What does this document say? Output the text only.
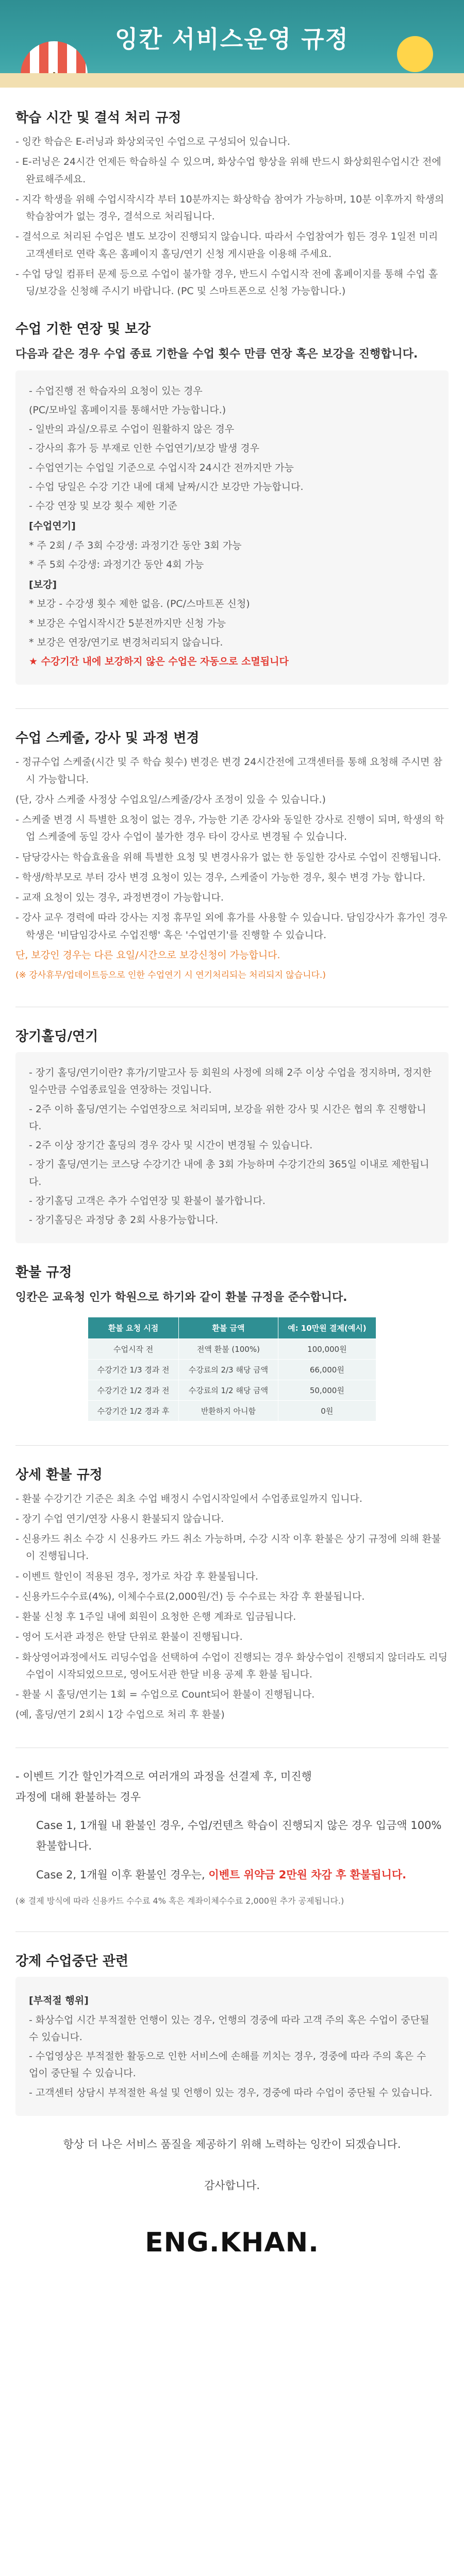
잉칸 서비스운영 규정
학습 시간 및 결석 처리 규정

- 잉칸 학습은 E-러닝과 화상외국인 수업으로 구성되어 있습니다.

- E-러닝은 24시간 언제든 학습하실 수 있으며, 화상수업 향상을 위해 반드시 화상회원수업시간 전에 완료해주세요.

- 지각 학생을 위해 수업시작시각 부터 10분까지는 화상학습 참여가 가능하며, 10분 이후까지 학생의 학습참여가 없는 경우, 결석으로 처리됩니다.

- 결석으로 처리된 수업은 별도 보강이 진행되지 않습니다. 따라서 수업참여가 힘든 경우 1일전 미리 고객센터로 연락 혹은 홈페이지 홀딩/연기 신청 게시판을 이용해 주세요.

- 수업 당일 컴퓨터 문제 등으로 수업이 불가할 경우, 반드시 수업시작 전에 홈페이지를 통해 수업 홀딩/보강을 신청해 주시기 바랍니다. (PC 및 스마트폰으로 신청 가능합니다.)

수업 기한 연장 및 보강
다음과 같은 경우 수업 종료 기한을 수업 횟수 만큼 연장 혹은 보강을 진행합니다.

- 수업진행 전 학습자의 요청이 있는 경우

(PC/모바일 홈페이지를 통해서만 가능합니다.)

- 일반의 과실/오류로 수업이 원활하지 않은 경우

- 강사의 휴가 등 부재로 인한 수업연기/보강 발생 경우

- 수업연기는 수업일 기준으로 수업시작 24시간 전까지만 가능

- 수업 당일은 수강 기간 내에 대체 날짜/시간 보강만 가능합니다.

- 수강 연장 및 보강 횟수 제한 기준

[수업연기]

* 주 2회 / 주 3회 수강생: 과정기간 동안 3회 가능

* 주 5회 수강생: 과정기간 동안 4회 가능

[보강]

* 보강 - 수강생 횟수 제한 없음. (PC/스마트폰 신청)

* 보강은 수업시작시간 5분전까지만 신청 가능

* 보강은 연장/연기로 변경처리되지 않습니다.

★ 수강기간 내에 보강하지 않은 수업은 자동으로 소멸됩니다

수업 스케줄, 강사 및 과정 변경

- 정규수업 스케줄(시간 및 주 학습 횟수) 변경은 변경 24시간전에 고객센터를 통해 요청해 주시면 참시 가능합니다.

(단, 강사 스케줄 사정상 수업요일/스케줄/강사 조정이 있을 수 있습니다.)

- 스케줄 변경 시 특별한 요청이 없는 경우, 가능한 기존 강사와 동일한 강사로 진행이 되며, 학생의 학업 스케줄에 동일 강사 수업이 불가한 경우 타이 강사로 변경될 수 있습니다.

- 담당강사는 학습효율을 위해 특별한 요청 및 변경사유가 없는 한 동일한 강사로 수업이 진행됩니다.

- 학생/학부모로 부터 강사 변경 요청이 있는 경우, 스케줄이 가능한 경우, 횟수 변경 가능 합니다.

- 교재 요청이 있는 경우, 과정변경이 가능합니다.

- 강사 교우 경력에 따라 강사는 지정 휴무일 외에 휴가를 사용할 수 있습니다. 담임강사가 휴가인 경우 학생은 '비담임강사로 수업진행' 혹은 '수업연기'를 진행할 수 있습니다.

단, 보강인 경우는 다른 요일/시간으로 보강신청이 가능합니다.

(※ 강사휴무/업데이트등으로 인한 수업연기 시 연기처리되는 처리되지 않습니다.)

장기홀딩/연기

- 장기 홀딩/연기이란? 휴가/기말고사 등 회원의 사정에 의해 2주 이상 수업을 정지하며, 정지한 일수만큼 수업종료일을 연장하는 것입니다.

- 2주 이하 홀딩/연기는 수업연장으로 처리되며, 보강을 위한 강사 및 시간은 협의 후 진행합니다.

- 2주 이상 장기간 홀딩의 경우 강사 및 시간이 변경될 수 있습니다.

- 장기 홀딩/연기는 코스당 수강기간 내에 총 3회 가능하며 수강기간의 365일 이내로 제한됩니다.

- 장기홀딩 고객은 추가 수업연장 및 환불이 불가합니다.

- 장기홀딩은 과정당 총 2회 사용가능합니다.

환불 규정
잉칸은 교육청 인가 학원으로 하기와 같이 환불 규정을 준수합니다.
환불 요청 시점	환불 금액	예: 10만원 결제(예시)
수업시작 전	전액 환불 (100%)	100,000원
수강기간 1/3 경과 전	수강료의 2/3 해당 금액	66,000원
수강기간 1/2 경과 전	수강료의 1/2 해당 금액	50,000원
수강기간 1/2 경과 후	반환하지 아니함	0원
상세 환불 규정

- 환불 수강기간 기준은 최초 수업 배정시 수업시작일에서 수업종료일까지 입니다.

- 장기 수업 연기/연장 사용시 환불되지 않습니다.

- 신용카드 취소 수강 시 신용카드 카드 취소 가능하며, 수강 시작 이후 환불은 상기 규정에 의해 환불이 진행됩니다.

- 이벤트 할인이 적용된 경우, 정가로 차감 후 환불됩니다.

- 신용카드수수료(4%), 이체수수료(2,000원/건) 등 수수료는 차감 후 환불됩니다.

- 환불 신청 후 1주일 내에 회원이 요청한 은행 계좌로 입금됩니다.

- 영어 도서관 과정은 한달 단위로 환불이 진행됩니다.

- 화상영어과정에서도 리딩수업을 선택하여 수업이 진행되는 경우 화상수업이 진행되지 않더라도 리딩 수업이 시작되었으므로, 영어도서관 한달 비용 공제 후 환불 됩니다.

- 환불 시 홀딩/연기는 1회 = 수업으로 Count되어 환불이 진행됩니다.

(예, 홀딩/연기 2회시 1강 수업으로 처리 후 환불)

- 이벤트 기간 할인가격으로 여러개의 과정을 선결제 후, 미진행
과정에 대해 환불하는 경우
Case 1, 1개월 내 환불인 경우, 수업/컨텐츠 학습이 진행되지 않은 경우 입금액 100% 환불합니다.
Case 2, 1개월 이후 환불인 경우는, 이벤트 위약금 2만원 차감 후 환불됩니다.

(※ 결제 방식에 따라 신용카드 수수료 4% 혹은 계좌이체수수료 2,000원 추가 공제됩니다.)

강제 수업중단 관련

[부적절 행위]

- 화상수업 시간 부적절한 언행이 있는 경우, 언행의 경중에 따라 고객 주의 혹은 수업이 중단될 수 있습니다.

- 수업영상은 부적절한 활동으로 인한 서비스에 손해를 끼치는 경우, 경중에 따라 주의 혹은 수업이 중단될 수 있습니다.

- 고객센터 상담시 부적절한 욕설 및 언행이 있는 경우, 경중에 따라 수업이 중단될 수 있습니다.

항상 더 나은 서비스 품질을 제공하기 위해 노력하는 잉칸이 되겠습니다.
감사합니다.
ENG.KHAN.
